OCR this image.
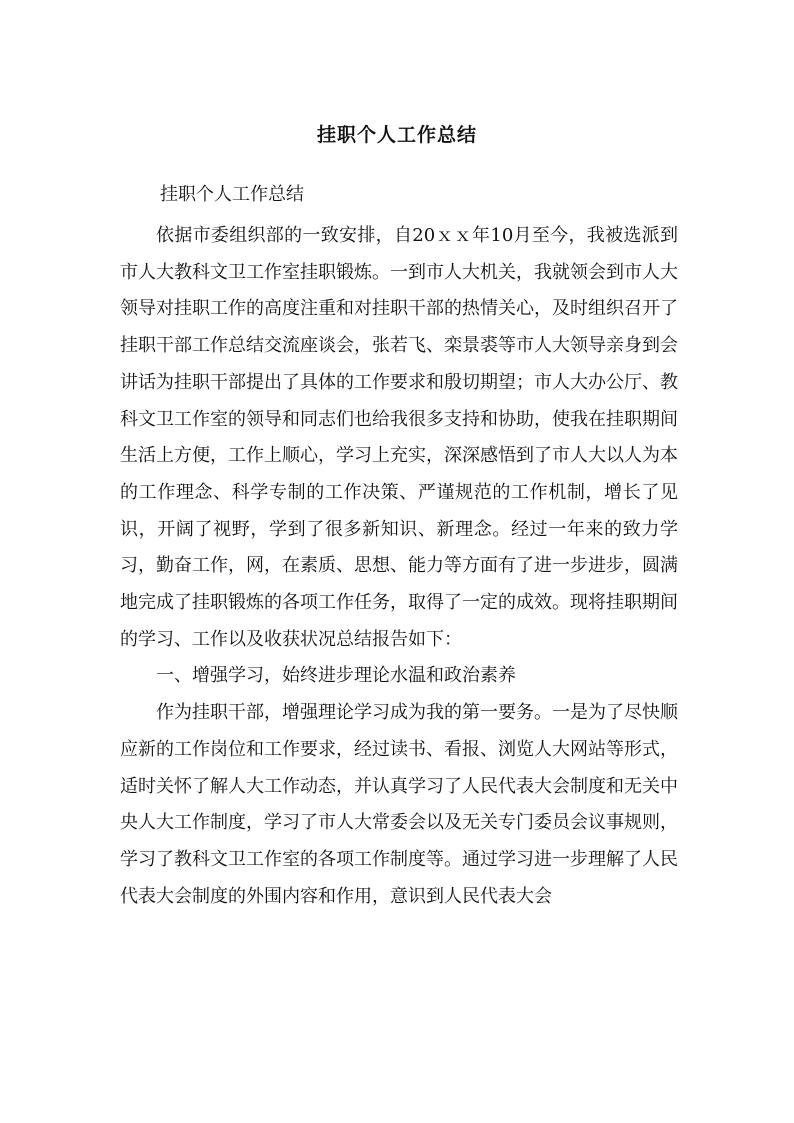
挂职个人工作总结
挂职个人工作总结

依据市委组织部的一致安排，自20ｘｘ年10月至今，我被选派到市人大教科文卫工作室挂职锻炼。一到市人大机关，我就领会到市人大领导对挂职工作的高度注重和对挂职干部的热情关心，及时组织召开了挂职干部工作总结交流座谈会，张若飞、栾景裘等市人大领导亲身到会讲话为挂职干部提出了具体的工作要求和殷切期望；市人大办公厅、教科文卫工作室的领导和同志们也给我很多支持和协助，使我在挂职期间生活上方便，工作上顺心，学习上充实，深深感悟到了市人大以人为本的工作理念、科学专制的工作决策、严谨规范的工作机制，增长了见识，开阔了视野，学到了很多新知识、新理念。经过一年来的致力学习，勤奋工作，网，在素质、思想、能力等方面有了进一步进步，圆满地完成了挂职锻炼的各项工作任务，取得了一定的成效。现将挂职期间的学习、工作以及收获状况总结报告如下：

一、增强学习，始终进步理论水温和政治素养

作为挂职干部，增强理论学习成为我的第一要务。一是为了尽快顺应新的工作岗位和工作要求，经过读书、看报、浏览人大网站等形式，适时关怀了解人大工作动态，并认真学习了人民代表大会制度和无关中央人大工作制度，学习了市人大常委会以及无关专门委员会议事规则，学习了教科文卫工作室的各项工作制度等。通过学习进一步理解了人民代表大会制度的外围内容和作用，意识到人民代表大会
